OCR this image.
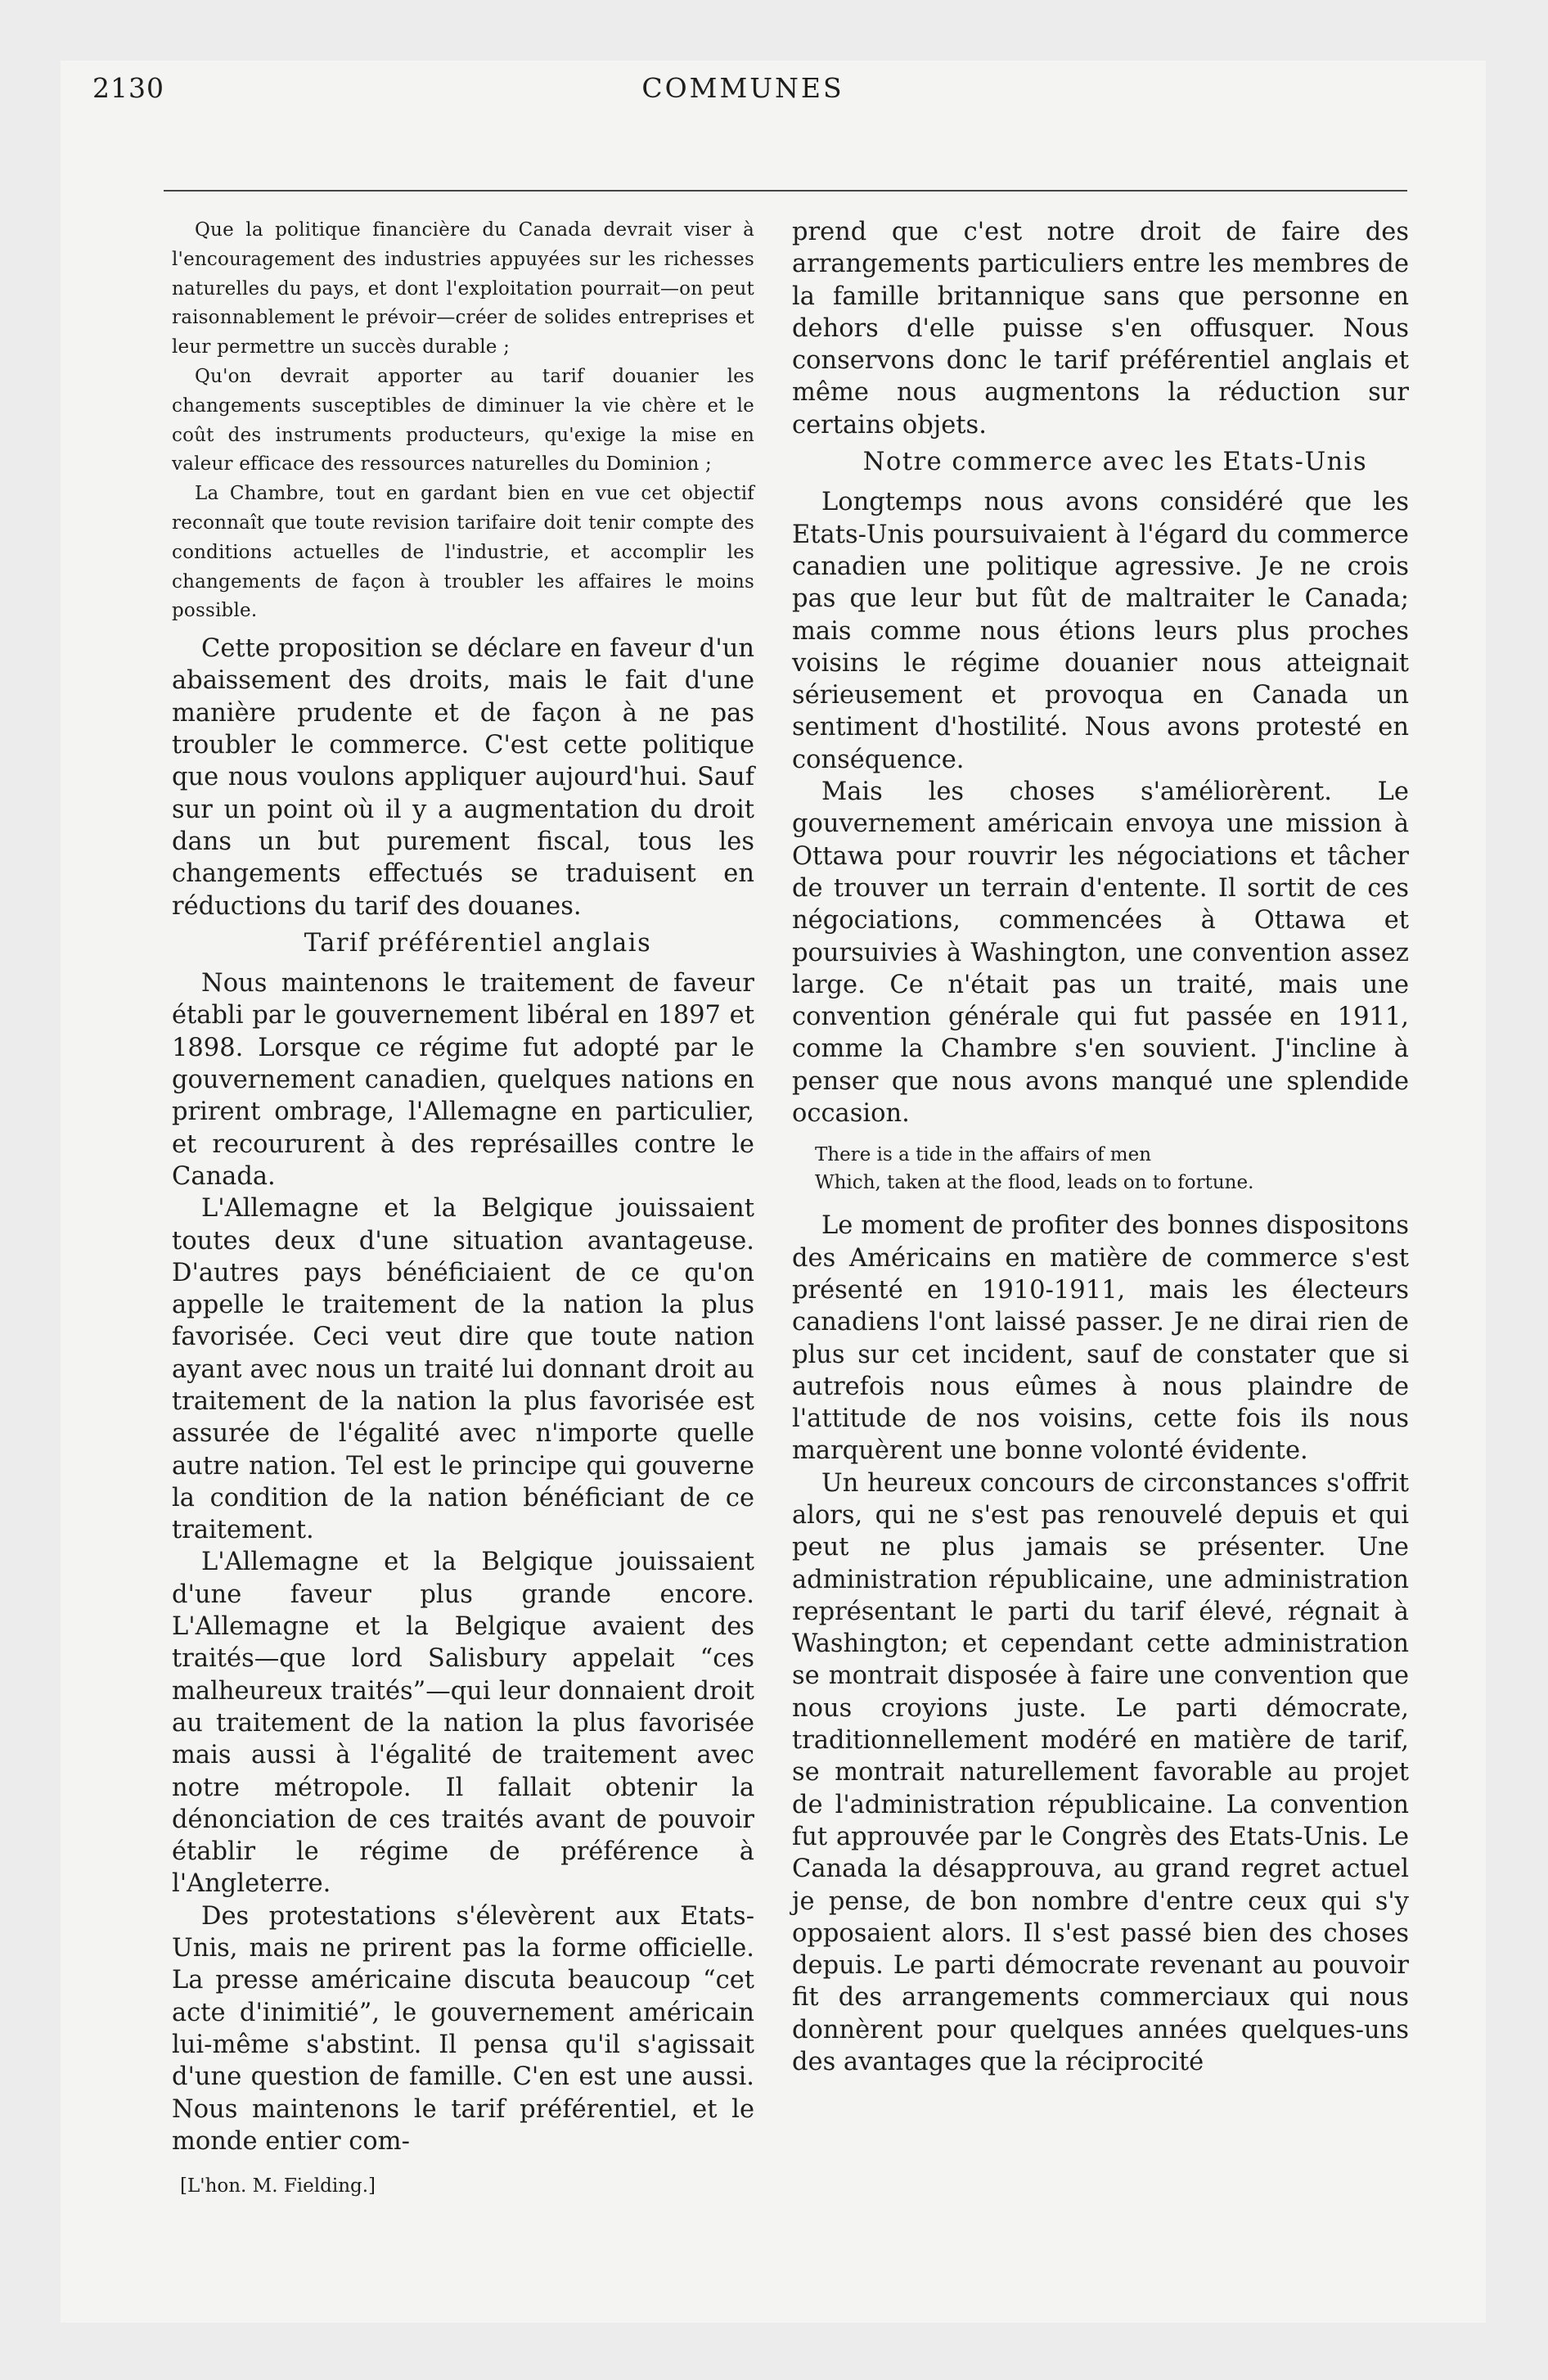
2130	COMMUNES

Que la politique financière du Canada devrait viser à l'encouragement des industries appuyées sur les richesses naturelles du pays, et dont l'exploitation pourrait—on peut raisonnablement le prévoir—créer de solides entreprises et leur permettre un succès durable ;

Qu'on devrait apporter au tarif douanier les changements susceptibles de diminuer la vie chère et le coût des instruments producteurs, qu'exige la mise en valeur efficace des ressources naturelles du Dominion ;

La Chambre, tout en gardant bien en vue cet objectif reconnaît que toute revision tarifaire doit tenir compte des conditions actuelles de l'industrie, et accomplir les changements de façon à troubler les affaires le moins possible.

Cette proposition se déclare en faveur d'un abaissement des droits, mais le fait d'une manière prudente et de façon à ne pas troubler le commerce. C'est cette politique que nous voulons appliquer aujourd'hui. Sauf sur un point où il y a augmentation du droit dans un but purement fiscal, tous les changements effectués se traduisent en réductions du tarif des douanes.

Tarif préférentiel anglais

Nous maintenons le traitement de faveur établi par le gouvernement libéral en 1897 et 1898. Lorsque ce régime fut adopté par le gouvernement canadien, quelques nations en prirent ombrage, l'Allemagne en particulier, et recoururent à des représailles contre le Canada.

L'Allemagne et la Belgique jouissaient toutes deux d'une situation avantageuse. D'autres pays bénéficiaient de ce qu'on appelle le traitement de la nation la plus favorisée. Ceci veut dire que toute nation ayant avec nous un traité lui donnant droit au traitement de la nation la plus favorisée est assurée de l'égalité avec n'importe quelle autre nation. Tel est le principe qui gouverne la condition de la nation bénéficiant de ce traitement.

L'Allemagne et la Belgique jouissaient d'une faveur plus grande encore. L'Allemagne et la Belgique avaient des traités—que lord Salisbury appelait “ces malheureux traités”—qui leur donnaient droit au traitement de la nation la plus favorisée mais aussi à l'égalité de traitement avec notre métropole. Il fallait obtenir la dénonciation de ces traités avant de pouvoir établir le régime de préférence à l'Angleterre.

Des protestations s'élevèrent aux Etats-Unis, mais ne prirent pas la forme officielle. La presse américaine discuta beaucoup “cet acte d'inimitié”, le gouvernement américain lui-même s'abstint. Il pensa qu'il s'agissait d'une question de famille. C'en est une aussi. Nous maintenons le tarif préférentiel, et le monde entier com-

[L'hon. M. Fielding.]

prend que c'est notre droit de faire des arrangements particuliers entre les membres de la famille britannique sans que personne en dehors d'elle puisse s'en offusquer. Nous conservons donc le tarif préférentiel anglais et même nous augmentons la réduction sur certains objets.

Notre commerce avec les Etats-Unis

Longtemps nous avons considéré que les Etats-Unis poursuivaient à l'égard du commerce canadien une politique agressive. Je ne crois pas que leur but fût de maltraiter le Canada; mais comme nous étions leurs plus proches voisins le régime douanier nous atteignait sérieusement et provoqua en Canada un sentiment d'hostilité. Nous avons protesté en conséquence.

Mais les choses s'améliorèrent. Le gouvernement américain envoya une mission à Ottawa pour rouvrir les négociations et tâcher de trouver un terrain d'entente. Il sortit de ces négociations, commencées à Ottawa et poursuivies à Washington, une convention assez large. Ce n'était pas un traité, mais une convention générale qui fut passée en 1911, comme la Chambre s'en souvient. J'incline à penser que nous avons manqué une splendide occasion.

There is a tide in the affairs of men
Which, taken at the flood, leads on to fortune.

Le moment de profiter des bonnes dispositons des Américains en matière de commerce s'est présenté en 1910-1911, mais les électeurs canadiens l'ont laissé passer. Je ne dirai rien de plus sur cet incident, sauf de constater que si autrefois nous eûmes à nous plaindre de l'attitude de nos voisins, cette fois ils nous marquèrent une bonne volonté évidente.

Un heureux concours de circonstances s'offrit alors, qui ne s'est pas renouvelé depuis et qui peut ne plus jamais se présenter. Une administration républicaine, une administration représentant le parti du tarif élevé, régnait à Washington; et cependant cette administration se montrait disposée à faire une convention que nous croyions juste. Le parti démocrate, traditionnellement modéré en matière de tarif, se montrait naturellement favorable au projet de l'administration républicaine. La convention fut approuvée par le Congrès des Etats-Unis. Le Canada la désapprouva, au grand regret actuel je pense, de bon nombre d'entre ceux qui s'y opposaient alors. Il s'est passé bien des choses depuis. Le parti démocrate revenant au pouvoir fit des arrangements commerciaux qui nous donnèrent pour quelques années quelques-uns des avantages que la réciprocité
